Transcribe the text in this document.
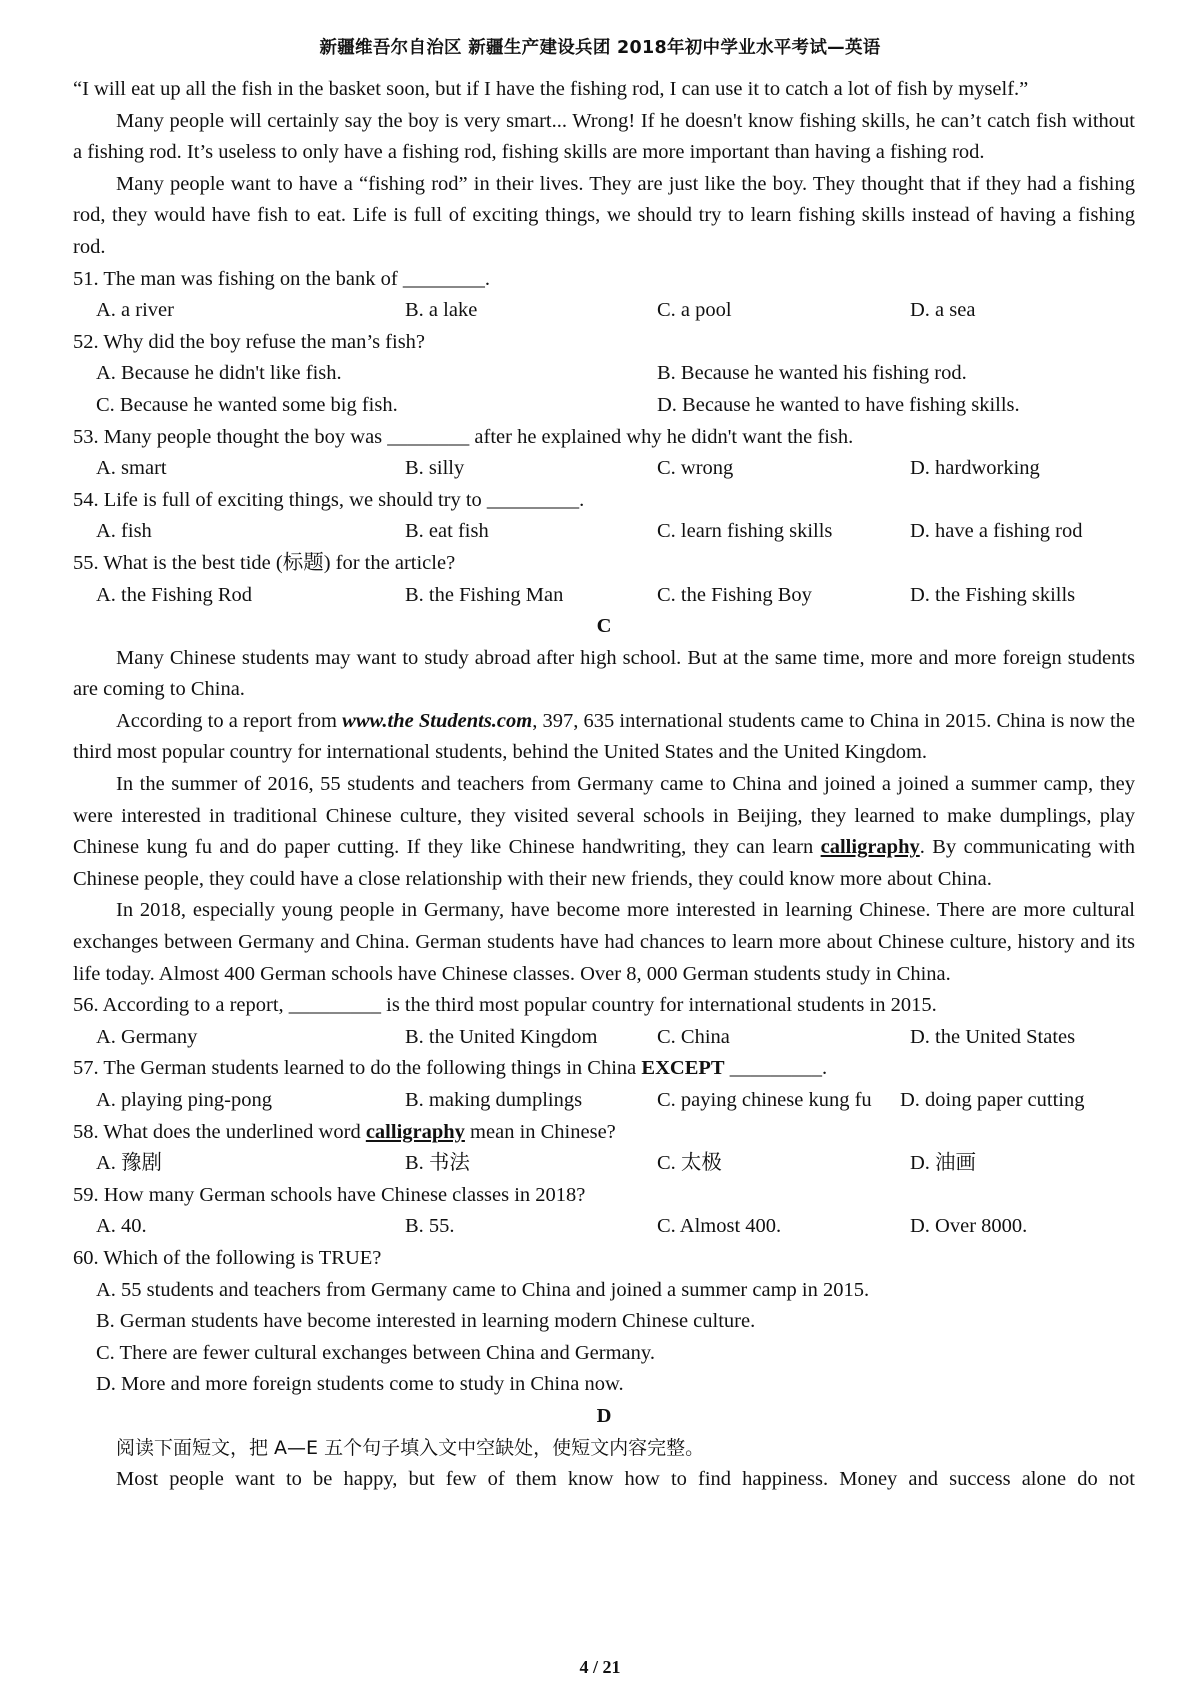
新疆维吾尔自治区 新疆生产建设兵团 2018年初中学业水平考试—英语

“I will eat up all the fish in the basket soon, but if I have the fishing rod, I can use it to catch a lot of fish by myself.”

Many people will certainly say the boy is very smart... Wrong! If he doesn't know fishing skills, he can’t catch fish without a fishing rod. It’s useless to only have a fishing rod, fishing skills are more important than having a fishing rod.

Many people want to have a “fishing rod” in their lives. They are just like the boy. They thought that if they had a fishing rod, they would have fish to eat. Life is full of exciting things, we should try to learn fishing skills instead of having a fishing rod.

51. The man was fishing on the bank of ________.

A. a river	B. a lake	C. a pool	D. a sea

52. Why did the boy refuse the man’s fish?

A. Because he didn't like fish.	B. Because he wanted his fishing rod.
C. Because he wanted some big fish.	D. Because he wanted to have fishing skills.

53. Many people thought the boy was ________ after he explained why he didn't want the fish.

A. smart	B. silly	C. wrong	D. hardworking

54. Life is full of exciting things, we should try to _________.

A. fish	B. eat fish	C. learn fishing skills	D. have a fishing rod

55. What is the best tide (标题) for the article?

A. the Fishing Rod	B. the Fishing Man	C. the Fishing Boy	D. the Fishing skills

C

Many Chinese students may want to study abroad after high school. But at the same time, more and more foreign students are coming to China.

According to a report from www.the Students.com, 397, 635 international students came to China in 2015. China is now the third most popular country for international students, behind the United States and the United Kingdom.

In the summer of 2016, 55 students and teachers from Germany came to China and joined a joined a summer camp, they were interested in traditional Chinese culture, they visited several schools in Beijing, they learned to make dumplings, play Chinese kung fu and do paper cutting. If they like Chinese handwriting, they can learn calligraphy. By communicating with Chinese people, they could have a close relationship with their new friends, they could know more about China.

In 2018, especially young people in Germany, have become more interested in learning Chinese. There are more cultural exchanges between Germany and China. German students have had chances to learn more about Chinese culture, history and its life today. Almost 400 German schools have Chinese classes. Over 8, 000 German students study in China.

56. According to a report, _________ is the third most popular country for international students in 2015.

A. Germany	B. the United Kingdom	C. China	D. the United States

57. The German students learned to do the following things in China EXCEPT _________.

A. playing ping-pong	B. making dumplings	C. paying chinese kung fu	D. doing paper cutting

58. What does the underlined word calligraphy mean in Chinese?

A. 豫剧	B. 书法	C. 太极	D. 油画

59. How many German schools have Chinese classes in 2018?

A. 40.	B. 55.	C. Almost 400.	D. Over 8000.

60. Which of the following is TRUE?

A. 55 students and teachers from Germany came to China and joined a summer camp in 2015.

B. German students have become interested in learning modern Chinese culture.

C. There are fewer cultural exchanges between China and Germany.

D. More and more foreign students come to study in China now.

D

阅读下面短文，把 A—E 五个句子填入文中空缺处，使短文内容完整。

Most people want to be happy, but few of them know how to find happiness. Money and success alone do not

4 / 21
